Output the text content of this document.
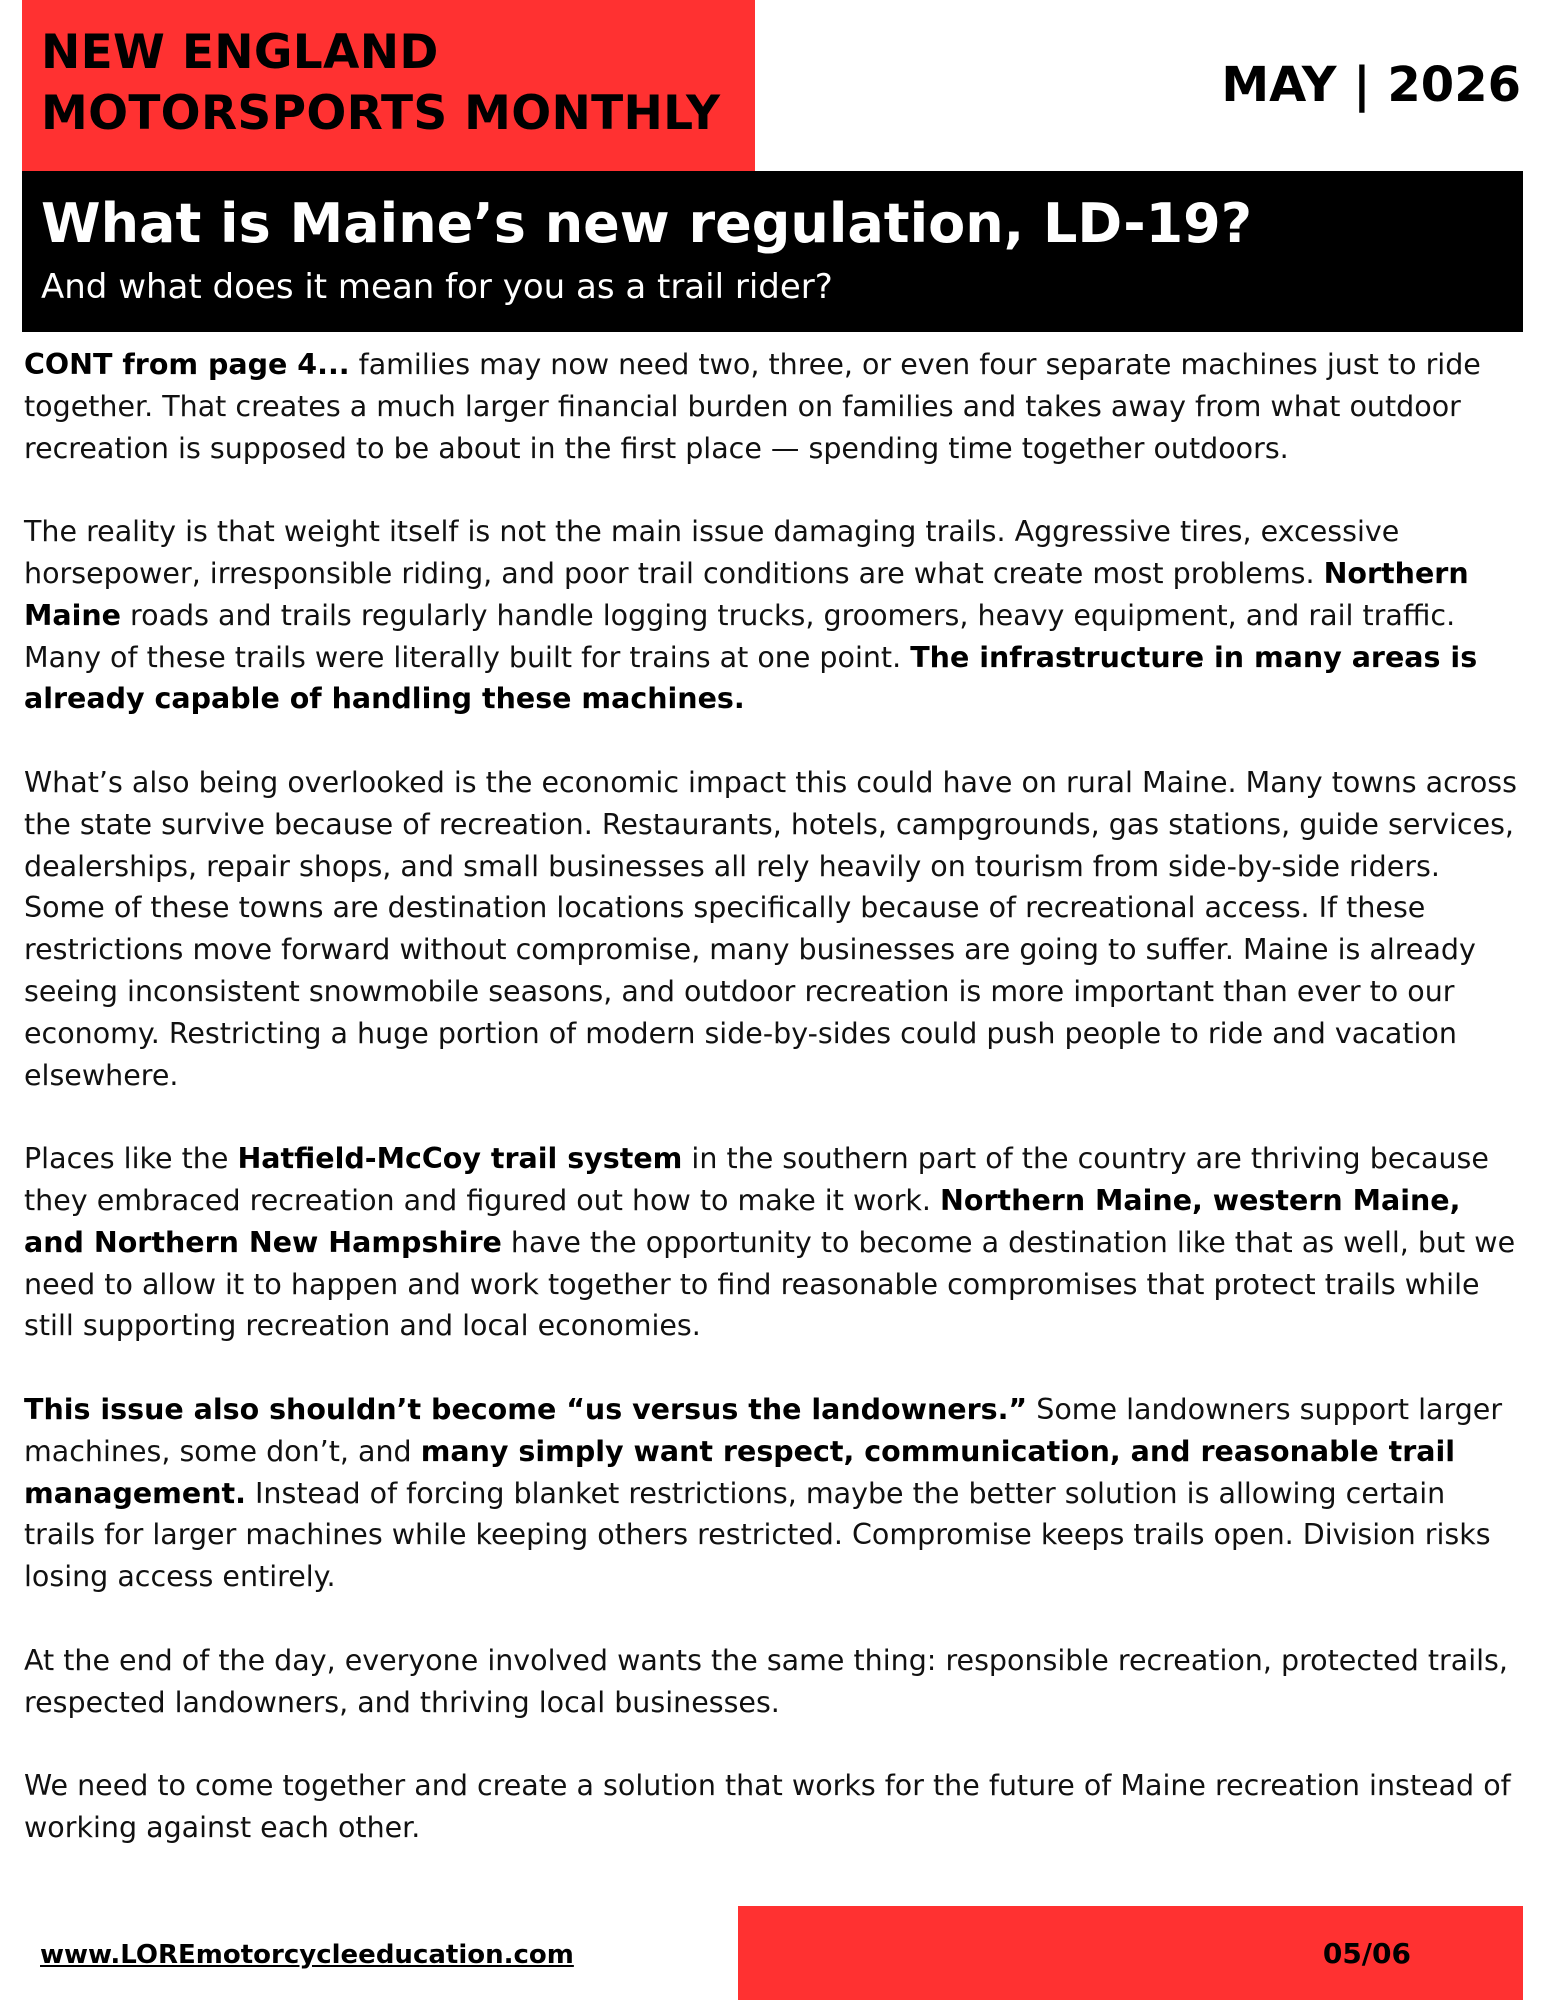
NEW ENGLAND
MOTORSPORTS MONTHLY
MAY | 2026
What is Maine’s new regulation, LD-19?
And what does it mean for you as a trail rider?

CONT from page 4... families may now need two, three, or even four separate machines just to ride together. That creates a much larger financial burden on families and takes away from what outdoor recreation is supposed to be about in the first place — spending time together outdoors.

The reality is that weight itself is not the main issue damaging trails. Aggressive tires, excessive horsepower, irresponsible riding, and poor trail conditions are what create most problems. Northern Maine roads and trails regularly handle logging trucks, groomers, heavy equipment, and rail traffic. Many of these trails were literally built for trains at one point. The infrastructure in many areas is already capable of handling these machines.

What’s also being overlooked is the economic impact this could have on rural Maine. Many towns across the state survive because of recreation. Restaurants, hotels, campgrounds, gas stations, guide services, dealerships, repair shops, and small businesses all rely heavily on tourism from side-by-side riders. Some of these towns are destination locations specifically because of recreational access. If these restrictions move forward without compromise, many businesses are going to suffer. Maine is already seeing inconsistent snowmobile seasons, and outdoor recreation is more important than ever to our economy. Restricting a huge portion of modern side-by-sides could push people to ride and vacation elsewhere.

Places like the Hatfield-McCoy trail system in the southern part of the country are thriving because they embraced recreation and figured out how to make it work. Northern Maine, western Maine, and Northern New Hampshire have the opportunity to become a destination like that as well, but we need to allow it to happen and work together to find reasonable compromises that protect trails while still supporting recreation and local economies.

This issue also shouldn’t become “us versus the landowners.” Some landowners support larger machines, some don’t, and many simply want respect, communication, and reasonable trail management. Instead of forcing blanket restrictions, maybe the better solution is allowing certain trails for larger machines while keeping others restricted. Compromise keeps trails open. Division risks losing access entirely.

At the end of the day, everyone involved wants the same thing: responsible recreation, protected trails, respected landowners, and thriving local businesses.

We need to come together and create a solution that works for the future of Maine recreation instead of working against each other.

www.LOREmotorcycleeducation.com	05/06
